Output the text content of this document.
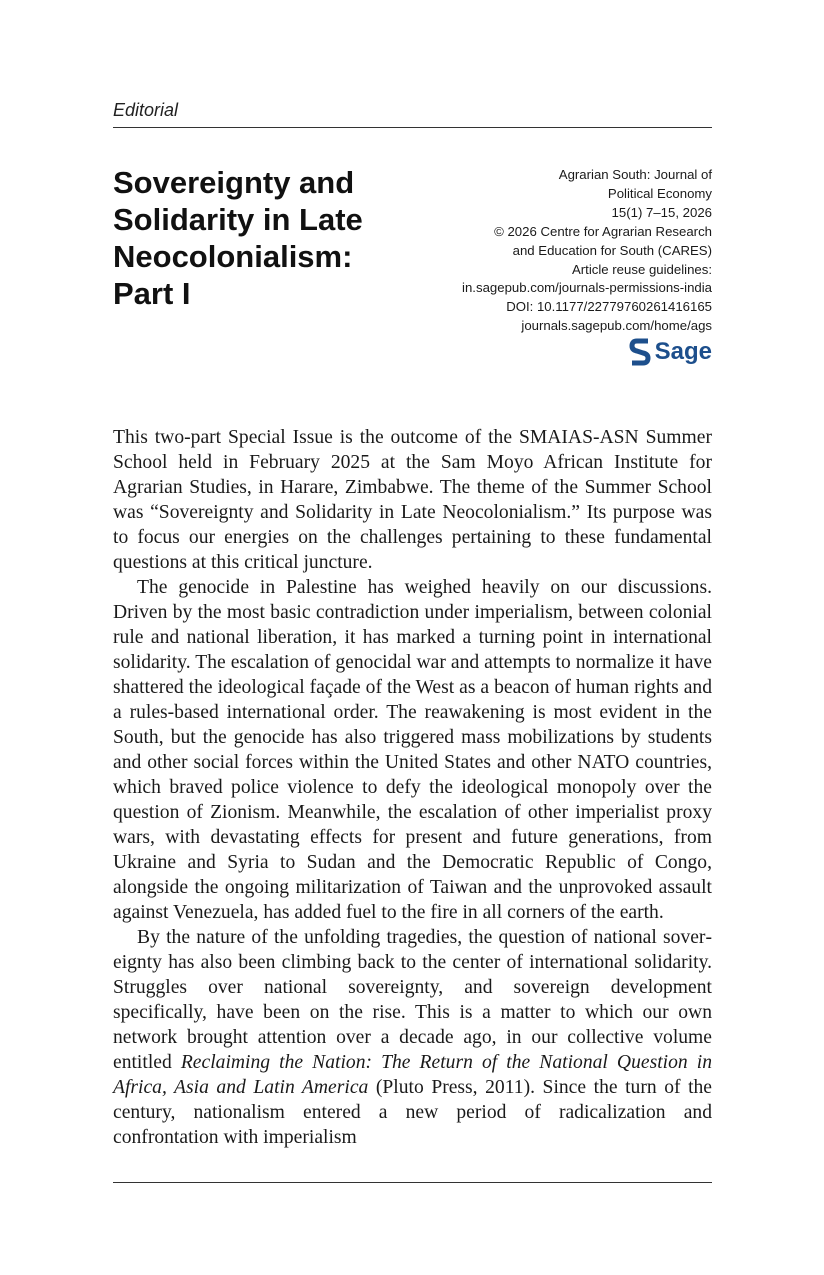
Editorial
Sovereignty and
Solidarity in Late
Neocolonialism:
Part I
Agrarian South: Journal of
Political Economy
15(1) 7–15, 2026
© 2026 Centre for Agrarian Research
and Education for South (CARES)
Article reuse guidelines:
in.sagepub.com/journals-permissions-india
DOI: 10.1177/22779760261416165
journals.sagepub.com/home/ags
Sage

This two-part Special Issue is the outcome of the SMAIAS-ASN Summer School held in February 2025 at the Sam Moyo African Institute for Agrarian Studies, in Harare, Zimbabwe. The theme of the Summer School was “Sovereignty and Solidarity in Late Neocolonialism.” Its purpose was to focus our energies on the challenges pertaining to these fundamental questions at this critical juncture.

The genocide in Palestine has weighed heavily on our discussions. Driven by the most basic contradiction under imperialism, between colonial rule and national liberation, it has marked a turning point in international solidarity. The escalation of genocidal war and attempts to normalize it have shattered the ideological façade of the West as a beacon of human rights and a rules-based international order. The reawakening is most evident in the South, but the genocide has also triggered mass mobilizations by students and other social forces within the United States and other NATO countries, which braved police violence to defy the ideological monopoly over the question of Zionism. Meanwhile, the escalation of other imperialist proxy wars, with devastating effects for present and future generations, from Ukraine and Syria to Sudan and the Democratic Republic of Congo, alongside the ongoing militarization of Taiwan and the unprovoked assault against Venezuela, has added fuel to the fire in all corners of the earth.

By the nature of the unfolding tragedies, the question of national sovereignty has also been climbing back to the center of international solidarity. Struggles over national sovereignty, and sovereign development specifically, have been on the rise. This is a matter to which our own network brought attention over a decade ago, in our collective volume entitled Reclaiming the Nation: The Return of the National Question in Africa, Asia and Latin America (Pluto Press, 2011). Since the turn of the century, nationalism entered a new period of radicalization and confrontation with imperialism
